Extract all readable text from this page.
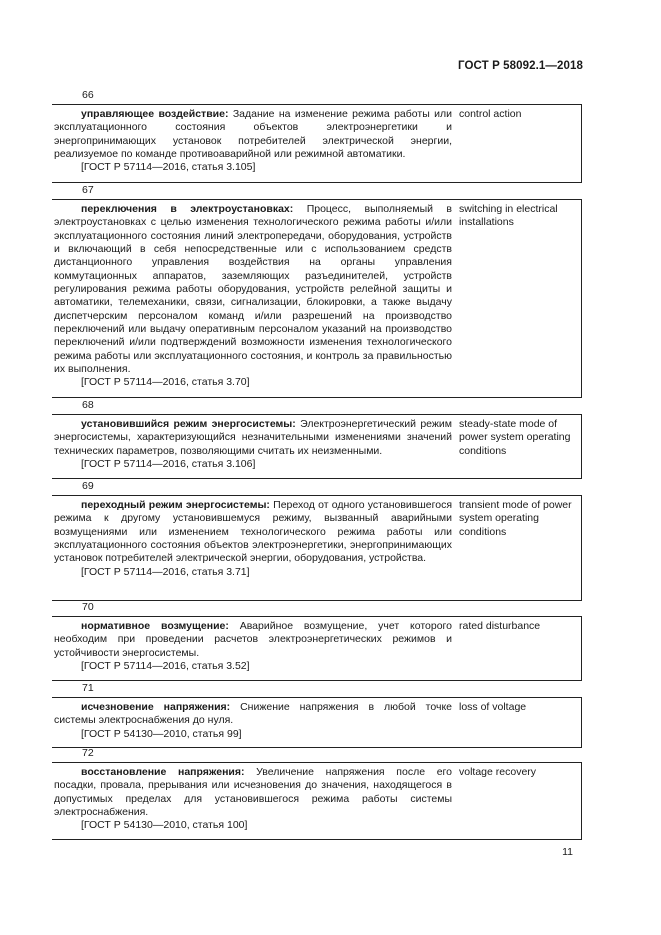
ГОСТ Р 58092.1—2018
66
управляющее воздействие: Задание на изменение режима работы или эксплуатационного состояния объектов электроэнергетики и энергопринимающих установок потребителей электрической энергии, реализуемое по команде противоаварийной или режимной автоматики.
[ГОСТ Р 57114—2016, статья 3.105]
control action
67
переключения в электроустановках: Процесс, выполняемый в электроустановках с целью изменения технологического режима работы и/или эксплуатационного состояния линий электропередачи, оборудования, устройств и включающий в себя непосредственные или с использованием средств дистанционного управления воздействия на органы управления коммутационных аппаратов, заземляющих разъединителей, устройств регулирования режима работы оборудования, устройств релейной защиты и автоматики, телемеханики, связи, сигнализации, блокировки, а также выдачу диспетчерским персоналом команд и/или разрешений на производство переключений или выдачу оперативным персоналом указаний на производство переключений и/или подтверждений возможности изменения технологического режима работы или эксплуатационного состояния, и контроль за правильностью их выполнения.
[ГОСТ Р 57114—2016, статья 3.70]
switching in electrical installations
68
установившийся режим энергосистемы: Электроэнергетический режим энергосистемы, характеризующийся незначительными изменениями значений технических параметров, позволяющими считать их неизменными.
[ГОСТ Р 57114—2016, статья 3.106]
steady-state mode of power system operating conditions
69
переходный режим энергосистемы: Переход от одного установившегося режима к другому установившемуся режиму, вызванный аварийными возмущениями или изменением технологического режима работы или эксплуатационного состояния объектов электроэнергетики, энергопринимающих установок потребителей электрической энергии, оборудования, устройства.
[ГОСТ Р 57114—2016, статья 3.71]
transient mode of power system operating conditions
70
нормативное возмущение: Аварийное возмущение, учет которого необходим при проведении расчетов электроэнергетических режимов и устойчивости энергосистемы.
[ГОСТ Р 57114—2016, статья 3.52]
rated disturbance
71
исчезновение напряжения: Снижение напряжения в любой точке системы электроснабжения до нуля.
[ГОСТ Р 54130—2010, статья 99]
loss of voltage
72
восстановление напряжения: Увеличение напряжения после его посадки, провала, прерывания или исчезновения до значения, находящегося в допустимых пределах для установившегося режима работы системы электроснабжения.
[ГОСТ Р 54130—2010, статья 100]
voltage recovery
11
